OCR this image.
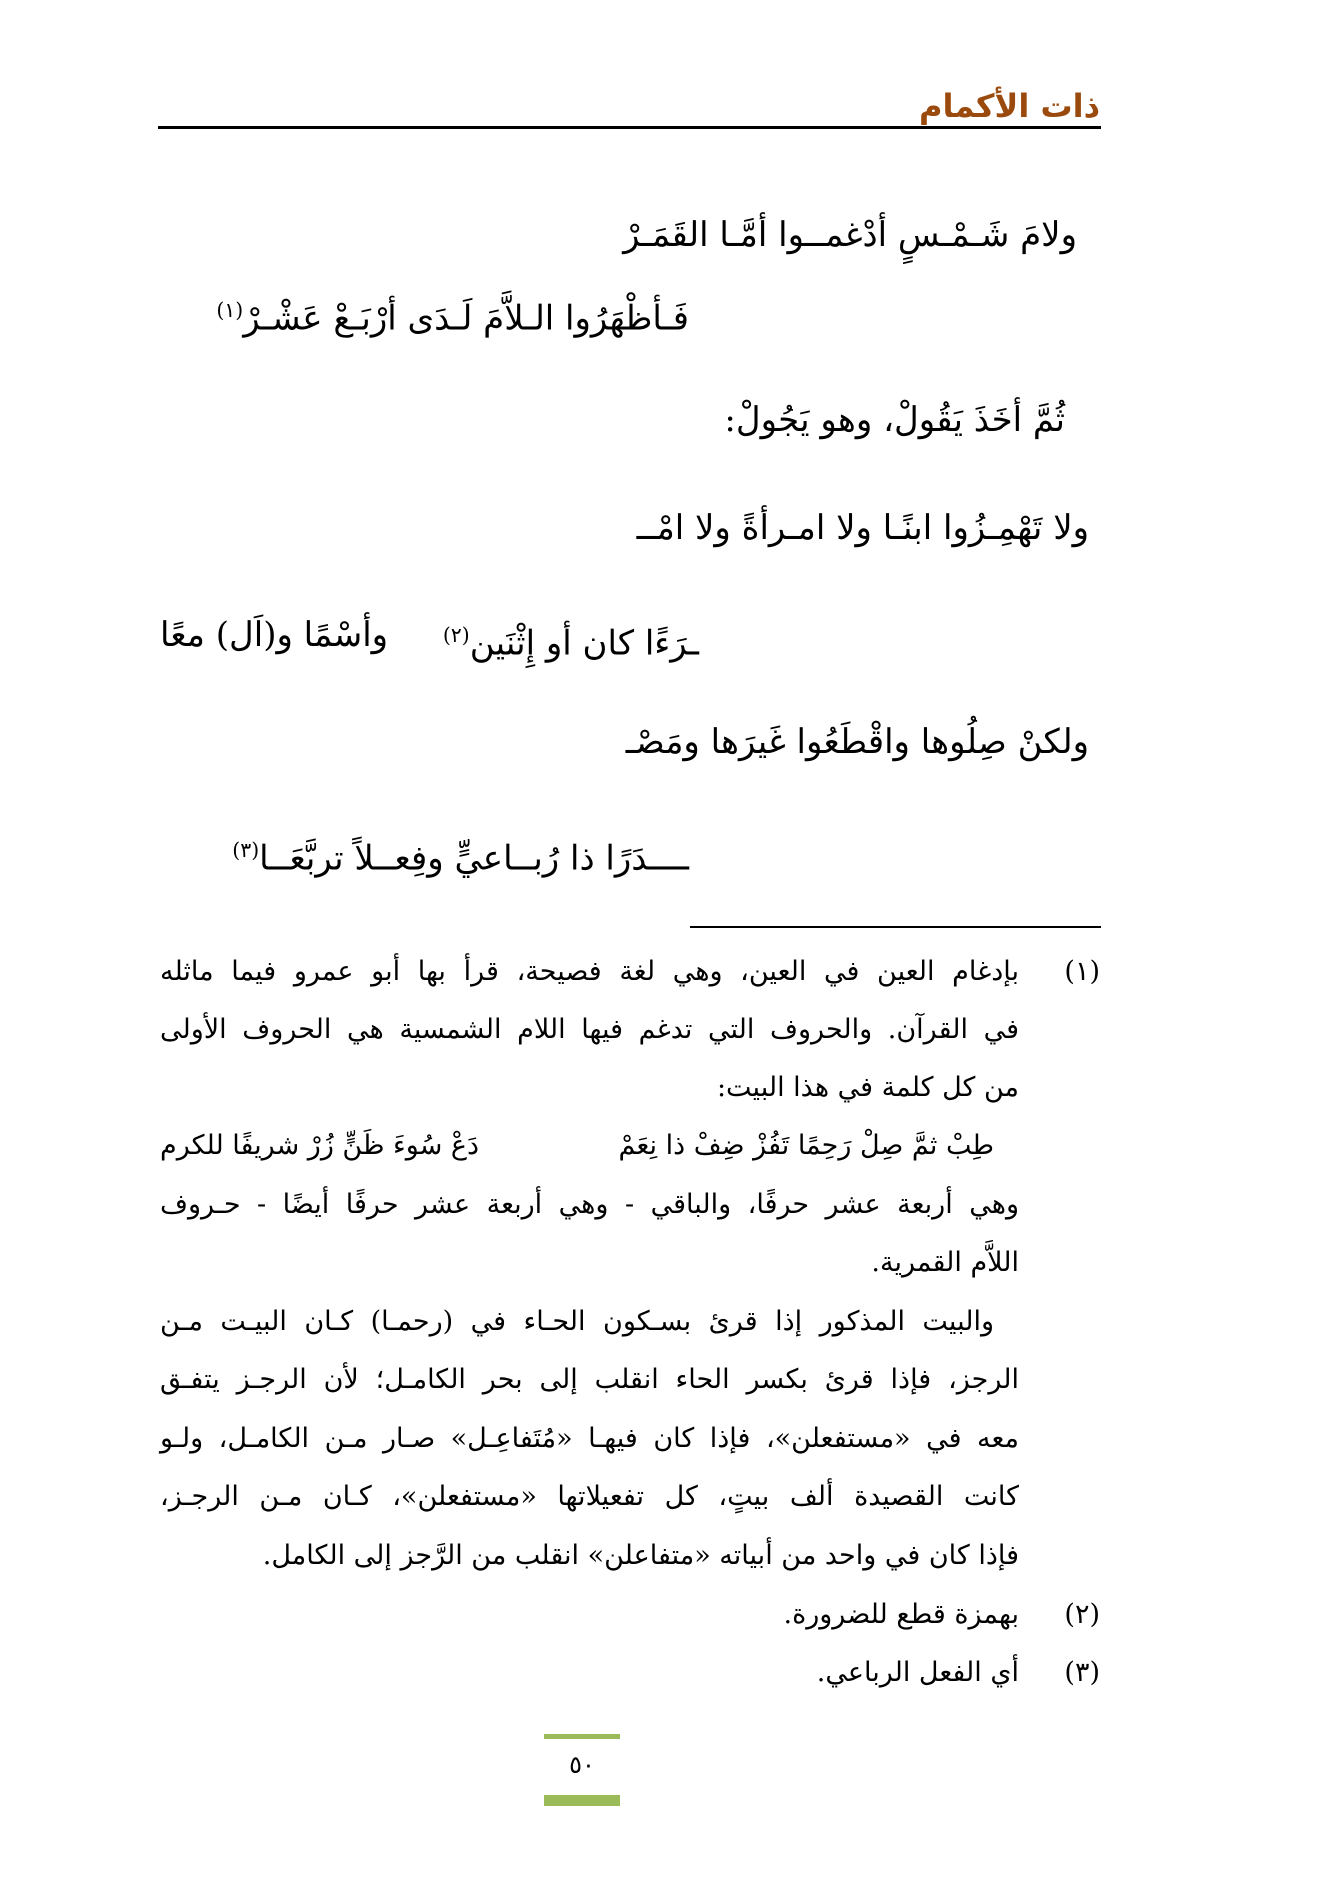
ذات الأكمام
ولامَ شَـمْـسٍ أدْغمــوا أمَّـا القَمَـرْ
فَـأظْهَرُوا الـلاَّمَ لَـدَى أرْبَـعْ عَشْـرْ$^{(١)}$
ثُمَّ أخَذَ يَقُولْ، وهو يَجُولْ:
ولا تَهْمِـزُوا ابنًـا ولا امـرأةً ولا امْــ
ـرَءًا كان أو إِثْنَين$^{(٢)}$
وأسْمًا و(اَل) معًا
ولكنْ صِلُوها واقْطَعُوا غَيرَها ومَصْـ
ــــدَرًا ذا رُبــاعيٍّ وفِعــلاً تربَّعَــا$^{(٣)}$
(١)
بإدغام العين في العين، وهي لغة فصيحة، قرأ بها أبو عمرو فيما ماثله
في القرآن. والحروف التي تدغم فيها اللام الشمسية هي الحروف الأولى
من كل كلمة في هذا البيت:
طِبْ ثمَّ صِلْ رَحِمًا تَفُزْ ضِفْ ذا نِعَمْ
دَعْ سُوءَ ظَنٍّ زُرْ شريفًا للكرم
وهي أربعة عشر حرفًا، والباقي - وهي أربعة عشر حرفًا أيضًا - حـروف
اللاَّم القمرية.
والبيت المذكور إذا قرئ بسـكون الحـاء في (رحمـا) كـان البيـت مـن
الرجز، فإذا قرئ بكسر الحاء انقلب إلى بحر الكامـل؛ لأن الرجـز يتفـق
معه في «مستفعلن»، فإذا كان فيهـا «مُتَفاعِـل» صـار مـن الكامـل، ولـو
كانت القصيدة ألف بيتٍ، كل تفعيلاتها «مستفعلن»، كـان مـن الرجـز،
فإذا كان في واحد من أبياته «متفاعلن» انقلب من الرَّجز إلى الكامل.
(٢)
بهمزة قطع للضرورة.
(٣)
أي الفعل الرباعي.
٥٠
